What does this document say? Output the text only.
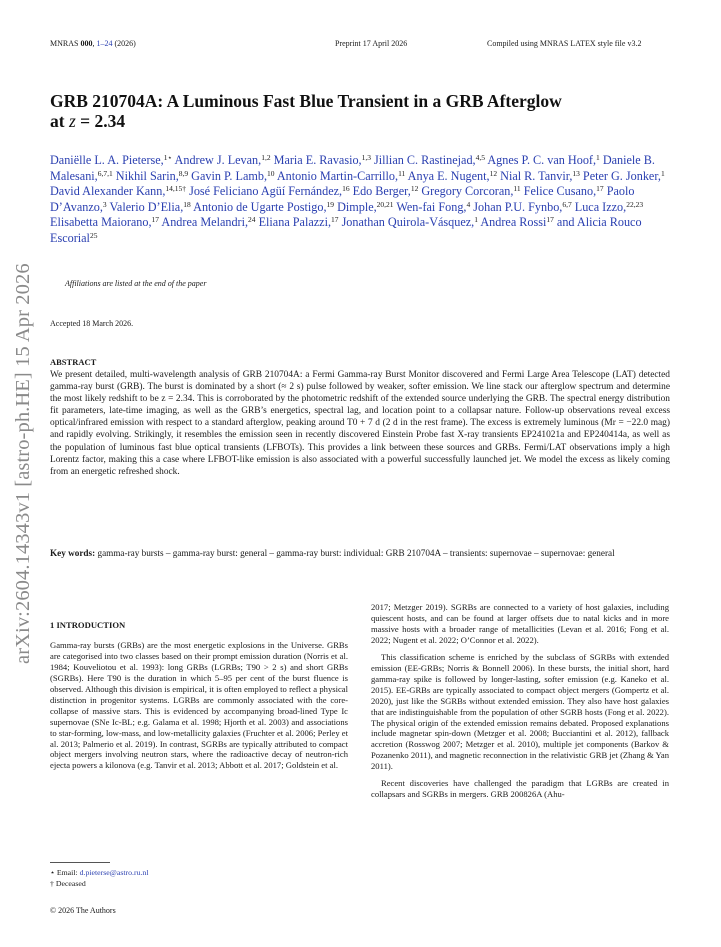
MNRAS 000, 1–24 (2026)	Preprint 17 April 2026	Compiled using MNRAS LATEX style file v3.2
arXiv:2604.14343v1 [astro-ph.HE] 15 Apr 2026
GRB 210704A: A Luminous Fast Blue Transient in a GRB Afterglow
at z = 2.34
Daniëlle L. A. Pieterse,$^{1⋆}$ Andrew J. Levan,$^{1,2}$ Maria E. Ravasio,$^{1,3}$ Jillian C. Rastinejad,$^{4,5}$ Agnes P. C. van Hoof,$^1$ Daniele B. Malesani,$^{6,7,1}$ Nikhil Sarin,$^{8,9}$ Gavin P. Lamb,$^{10}$ Antonio Martin-Carrillo,$^{11}$ Anya E. Nugent,$^{12}$ Nial R. Tanvir,$^{13}$ Peter G. Jonker,$^1$ David Alexander Kann,$^{14,15\dagger}$ José Feliciano Agüí Fernández,$^{16}$ Edo Berger,$^{12}$ Gregory Corcoran,$^{11}$ Felice Cusano,$^{17}$ Paolo D’Avanzo,$^3$ Valerio D’Elia,$^{18}$ Antonio de Ugarte Postigo,$^{19}$ Dimple,$^{20,21}$ Wen-fai Fong,$^4$ Johan P.U. Fynbo,$^{6,7}$ Luca Izzo,$^{22,23}$ Elisabetta Maiorano,$^{17}$ Andrea Melandri,$^{24}$ Eliana Palazzi,$^{17}$ Jonathan Quirola-Vásquez,$^1$ Andrea Rossi$^{17}$ and Alicia Rouco Escorial$^{25}$
Affiliations are listed at the end of the paper
Accepted 18 March 2026.
ABSTRACT
We present detailed, multi-wavelength analysis of GRB 210704A: a Fermi Gamma-ray Burst Monitor discovered and Fermi Large Area Telescope (LAT) detected gamma-ray burst (GRB). The burst is dominated by a short (≈ 2 s) pulse followed by weaker, softer emission. We line stack our afterglow spectrum and determine the most likely redshift to be z = 2.34. This is corroborated by the photometric redshift of the extended source underlying the GRB. The spectral energy distribution fit parameters, late-time imaging, as well as the GRB’s energetics, spectral lag, and location point to a collapsar nature. Follow-up observations reveal excess optical/infrared emission with respect to a standard afterglow, peaking around T0 + 7 d (2 d in the rest frame). The excess is extremely luminous (Mr = −22.0 mag) and rapidly evolving. Strikingly, it resembles the emission seen in recently discovered Einstein Probe fast X-ray transients EP241021a and EP240414a, as well as the population of luminous fast blue optical transients (LFBOTs). This provides a link between these sources and GRBs. Fermi/LAT observations imply a high Lorentz factor, making this a case where LFBOT-like emission is also associated with a powerful successfully launched jet. We model the excess as likely coming from an energetic refreshed shock.
Key words: gamma-ray bursts – gamma-ray burst: general – gamma-ray burst: individual: GRB 210704A – transients: supernovae – supernovae: general
1 INTRODUCTION

Gamma-ray bursts (GRBs) are the most energetic explosions in the Universe. GRBs are categorised into two classes based on their prompt emission duration (Norris et al. 1984; Kouveliotou et al. 1993): long GRBs (LGRBs; T90 > 2 s) and short GRBs (SGRBs). Here T90 is the duration in which 5–95 per cent of the burst fluence is observed. Although this division is empirical, it is often employed to reflect a physical distinction in progenitor systems. LGRBs are commonly associated with the core-collapse of massive stars. This is evidenced by accompanying broad-lined Type Ic supernovae (SNe Ic-BL; e.g. Galama et al. 1998; Hjorth et al. 2003) and associations to star-forming, low-mass, and low-metallicity galaxies (Fruchter et al. 2006; Perley et al. 2013; Palmerio et al. 2019). In contrast, SGRBs are typically attributed to compact object mergers involving neutron stars, where the radioactive decay of neutron-rich ejecta powers a kilonova (e.g. Tanvir et al. 2013; Abbott et al. 2017; Goldstein et al.

2017; Metzger 2019). SGRBs are connected to a variety of host galaxies, including quiescent hosts, and can be found at larger offsets due to natal kicks and in more massive hosts with a broader range of metallicities (Levan et al. 2016; Fong et al. 2022; Nugent et al. 2022; O’Connor et al. 2022).

This classification scheme is enriched by the subclass of SGRBs with extended emission (EE-GRBs; Norris & Bonnell 2006). In these bursts, the initial short, hard gamma-ray spike is followed by longer-lasting, softer emission (e.g. Kaneko et al. 2015). EE-GRBs are typically associated to compact object mergers (Gompertz et al. 2020), just like the SGRBs without extended emission. They also have host galaxies that are indistinguishable from the population of other SGRB hosts (Fong et al. 2022). The physical origin of the extended emission remains debated. Proposed explanations include magnetar spin-down (Metzger et al. 2008; Bucciantini et al. 2012), fallback accretion (Rosswog 2007; Metzger et al. 2010), multiple jet components (Barkov & Pozanenko 2011), and magnetic reconnection in the relativistic GRB jet (Zhang & Yan 2011).

Recent discoveries have challenged the paradigm that LGRBs are created in collapsars and SGRBs in mergers. GRB 200826A (Ahu-

⋆ Email: d.pieterse@astro.ru.nl
† Deceased
© 2026 The Authors
